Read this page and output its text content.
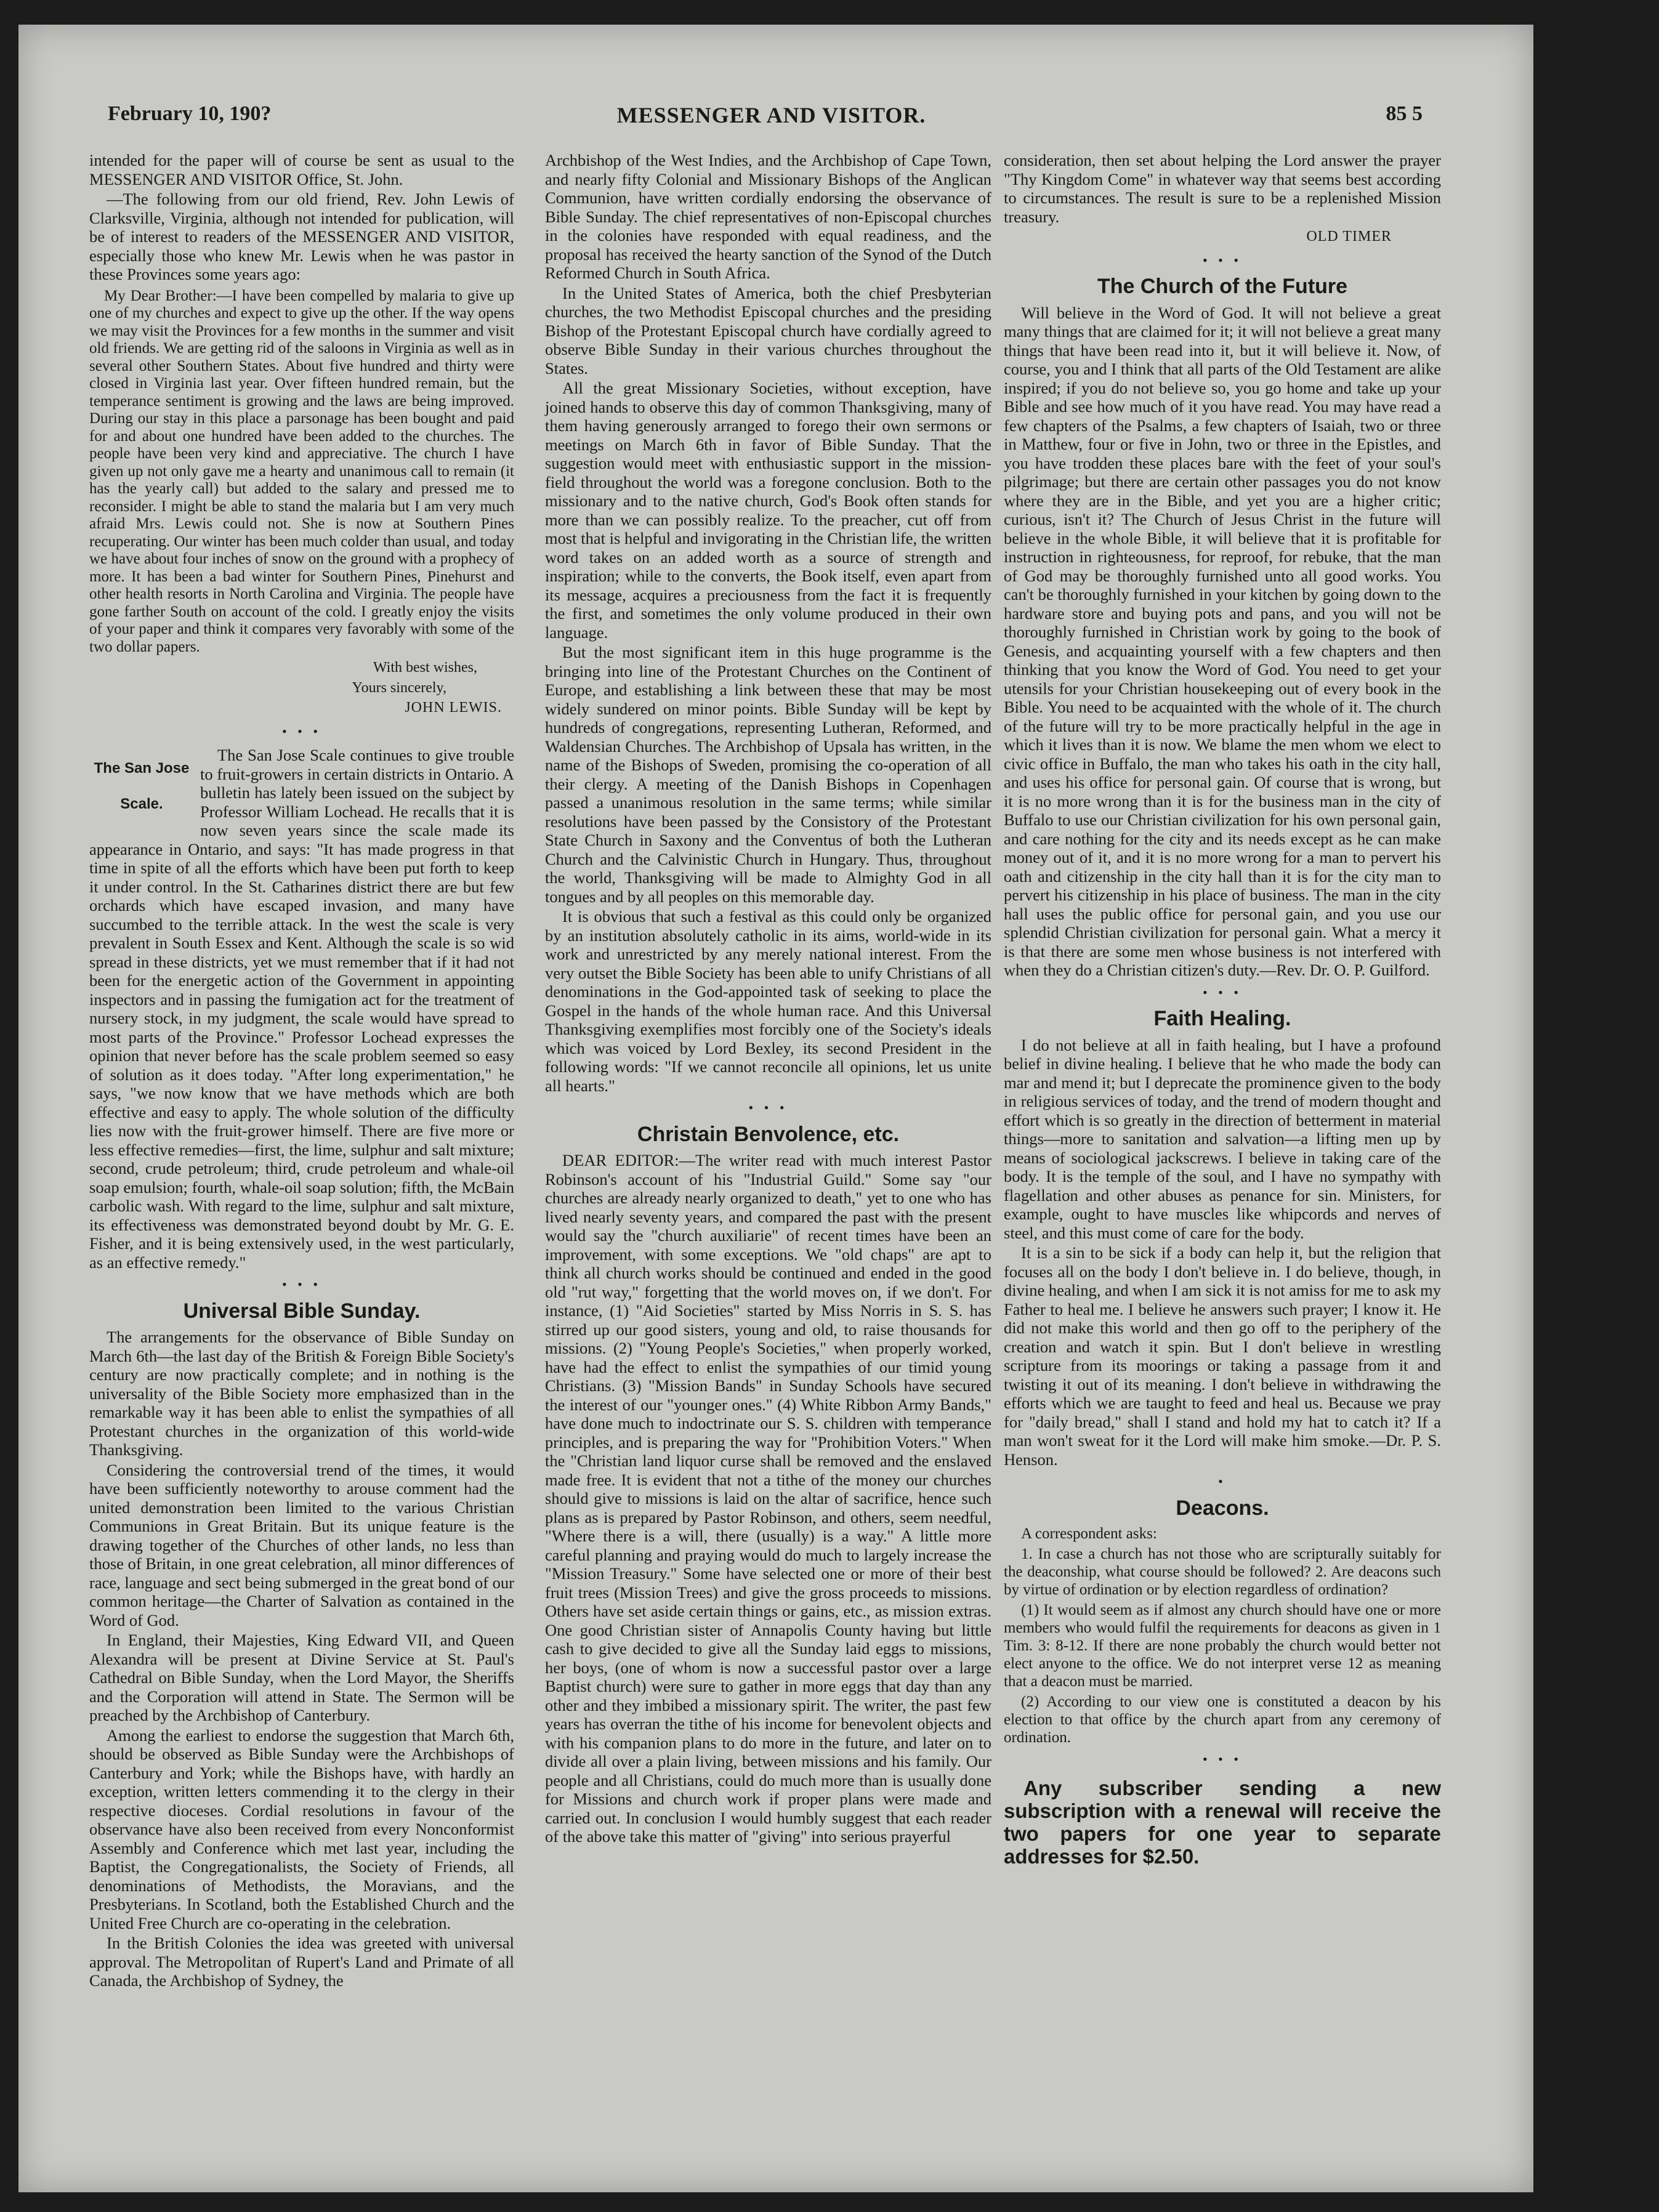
February 10, 190?	MESSENGER AND VISITOR.	85 5

intended for the paper will of course be sent as usual to the MESSENGER AND VISITOR Office, St. John.

—The following from our old friend, Rev. John Lewis of Clarksville, Virginia, although not intended for publication, will be of interest to readers of the MESSENGER AND VISITOR, especially those who knew Mr. Lewis when he was pastor in these Provinces some years ago:

My Dear Brother:—I have been compelled by malaria to give up one of my churches and expect to give up the other. If the way opens we may visit the Provinces for a few months in the summer and visit old friends. We are getting rid of the saloons in Virginia as well as in several other Southern States. About five hundred and thirty were closed in Virginia last year. Over fifteen hundred remain, but the temperance sentiment is growing and the laws are being improved. During our stay in this place a parsonage has been bought and paid for and about one hundred have been added to the churches. The people have been very kind and appreciative. The church I have given up not only gave me a hearty and unanimous call to remain (it has the yearly call) but added to the salary and pressed me to reconsider. I might be able to stand the malaria but I am very much afraid Mrs. Lewis could not. She is now at Southern Pines recuperating. Our winter has been much colder than usual, and today we have about four inches of snow on the ground with a prophecy of more. It has been a bad winter for Southern Pines, Pinehurst and other health resorts in North Carolina and Virginia. The people have gone farther South on account of the cold. I greatly enjoy the visits of your paper and think it compares very favorably with some of the two dollar papers.

With best wishes,
Yours sincerely,
JOHN LEWIS.
• • •
The San Jose
Scale.

The San Jose Scale continues to give trouble to fruit-growers in certain districts in Ontario. A bulletin has lately been issued on the subject by Professor William Lochead. He recalls that it is now seven years since the scale made its appearance in Ontario, and says: "It has made progress in that time in spite of all the efforts which have been put forth to keep it under control. In the St. Catharines district there are but few orchards which have escaped invasion, and many have succumbed to the terrible attack. In the west the scale is very prevalent in South Essex and Kent. Although the scale is so wid spread in these districts, yet we must remember that if it had not been for the energetic action of the Government in appointing inspectors and in passing the fumigation act for the treatment of nursery stock, in my judgment, the scale would have spread to most parts of the Province." Professor Lochead expresses the opinion that never before has the scale problem seemed so easy of solution as it does today. "After long experimentation," he says, "we now know that we have methods which are both effective and easy to apply. The whole solution of the difficulty lies now with the fruit-grower himself. There are five more or less effective remedies—first, the lime, sulphur and salt mixture; second, crude petroleum; third, crude petroleum and whale-oil soap emulsion; fourth, whale-oil soap solution; fifth, the McBain carbolic wash. With regard to the lime, sulphur and salt mixture, its effectiveness was demonstrated beyond doubt by Mr. G. E. Fisher, and it is being extensively used, in the west particularly, as an effective remedy."

• • •
Universal Bible Sunday.

The arrangements for the observance of Bible Sunday on March 6th—the last day of the British & Foreign Bible Society's century are now practically complete; and in nothing is the universality of the Bible Society more emphasized than in the remarkable way it has been able to enlist the sympathies of all Protestant churches in the organization of this world-wide Thanksgiving.

Considering the controversial trend of the times, it would have been sufficiently noteworthy to arouse comment had the united demonstration been limited to the various Christian Communions in Great Britain. But its unique feature is the drawing together of the Churches of other lands, no less than those of Britain, in one great celebration, all minor differences of race, language and sect being submerged in the great bond of our common heritage—the Charter of Salvation as contained in the Word of God.

In England, their Majesties, King Edward VII, and Queen Alexandra will be present at Divine Service at St. Paul's Cathedral on Bible Sunday, when the Lord Mayor, the Sheriffs and the Corporation will attend in State. The Sermon will be preached by the Archbishop of Canterbury.

Among the earliest to endorse the suggestion that March 6th, should be observed as Bible Sunday were the Archbishops of Canterbury and York; while the Bishops have, with hardly an exception, written letters commending it to the clergy in their respective dioceses. Cordial resolutions in favour of the observance have also been received from every Nonconformist Assembly and Conference which met last year, including the Baptist, the Congregationalists, the Society of Friends, all denominations of Methodists, the Moravians, and the Presbyterians. In Scotland, both the Established Church and the United Free Church are co-operating in the celebration.

In the British Colonies the idea was greeted with universal approval. The Metropolitan of Rupert's Land and Primate of all Canada, the Archbishop of Sydney, the

Archbishop of the West Indies, and the Archbishop of Cape Town, and nearly fifty Colonial and Missionary Bishops of the Anglican Communion, have written cordially endorsing the observance of Bible Sunday. The chief representatives of non-Episcopal churches in the colonies have responded with equal readiness, and the proposal has received the hearty sanction of the Synod of the Dutch Reformed Church in South Africa.

In the United States of America, both the chief Presbyterian churches, the two Methodist Episcopal churches and the presiding Bishop of the Protestant Episcopal church have cordially agreed to observe Bible Sunday in their various churches throughout the States.

All the great Missionary Societies, without exception, have joined hands to observe this day of common Thanksgiving, many of them having generously arranged to forego their own sermons or meetings on March 6th in favor of Bible Sunday. That the suggestion would meet with enthusiastic support in the mission-field throughout the world was a foregone conclusion. Both to the missionary and to the native church, God's Book often stands for more than we can possibly realize. To the preacher, cut off from most that is helpful and invigorating in the Christian life, the written word takes on an added worth as a source of strength and inspiration; while to the converts, the Book itself, even apart from its message, acquires a preciousness from the fact it is frequently the first, and sometimes the only volume produced in their own language.

But the most significant item in this huge programme is the bringing into line of the Protestant Churches on the Continent of Europe, and establishing a link between these that may be most widely sundered on minor points. Bible Sunday will be kept by hundreds of congregations, representing Lutheran, Reformed, and Waldensian Churches. The Archbishop of Upsala has written, in the name of the Bishops of Sweden, promising the co-operation of all their clergy. A meeting of the Danish Bishops in Copenhagen passed a unanimous resolution in the same terms; while similar resolutions have been passed by the Consistory of the Protestant State Church in Saxony and the Conventus of both the Lutheran Church and the Calvinistic Church in Hungary. Thus, throughout the world, Thanksgiving will be made to Almighty God in all tongues and by all peoples on this memorable day.

It is obvious that such a festival as this could only be organized by an institution absolutely catholic in its aims, world-wide in its work and unrestricted by any merely national interest. From the very outset the Bible Society has been able to unify Christians of all denominations in the God-appointed task of seeking to place the Gospel in the hands of the whole human race. And this Universal Thanksgiving exemplifies most forcibly one of the Society's ideals which was voiced by Lord Bexley, its second President in the following words: "If we cannot reconcile all opinions, let us unite all hearts."

• • •
Christain Benvolence, etc.

DEAR EDITOR:—The writer read with much interest Pastor Robinson's account of his "Industrial Guild." Some say "our churches are already nearly organized to death," yet to one who has lived nearly seventy years, and compared the past with the present would say the "church auxiliarie" of recent times have been an improvement, with some exceptions. We "old chaps" are apt to think all church works should be continued and ended in the good old "rut way," forgetting that the world moves on, if we don't. For instance, (1) "Aid Societies" started by Miss Norris in S. S. has stirred up our good sisters, young and old, to raise thousands for missions. (2) "Young People's Societies," when properly worked, have had the effect to enlist the sympathies of our timid young Christians. (3) "Mission Bands" in Sunday Schools have secured the interest of our "younger ones." (4) White Ribbon Army Bands," have done much to indoctrinate our S. S. children with temperance principles, and is preparing the way for "Prohibition Voters." When the "Christian land liquor curse shall be removed and the enslaved made free. It is evident that not a tithe of the money our churches should give to missions is laid on the altar of sacrifice, hence such plans as is prepared by Pastor Robinson, and others, seem needful, "Where there is a will, there (usually) is a way." A little more careful planning and praying would do much to largely increase the "Mission Treasury." Some have selected one or more of their best fruit trees (Mission Trees) and give the gross proceeds to missions. Others have set aside certain things or gains, etc., as mission extras. One good Christian sister of Annapolis County having but little cash to give decided to give all the Sunday laid eggs to missions, her boys, (one of whom is now a successful pastor over a large Baptist church) were sure to gather in more eggs that day than any other and they imbibed a missionary spirit. The writer, the past few years has overran the tithe of his income for benevolent objects and with his companion plans to do more in the future, and later on to divide all over a plain living, between missions and his family. Our people and all Christians, could do much more than is usually done for Missions and church work if proper plans were made and carried out. In conclusion I would humbly suggest that each reader of the above take this matter of "giving" into serious prayerful

consideration, then set about helping the Lord answer the prayer "Thy Kingdom Come" in whatever way that seems best according to circumstances. The result is sure to be a replenished Mission treasury.

OLD TIMER
• • •
The Church of the Future

Will believe in the Word of God. It will not believe a great many things that are claimed for it; it will not believe a great many things that have been read into it, but it will believe it. Now, of course, you and I think that all parts of the Old Testament are alike inspired; if you do not believe so, you go home and take up your Bible and see how much of it you have read. You may have read a few chapters of the Psalms, a few chapters of Isaiah, two or three in Matthew, four or five in John, two or three in the Epistles, and you have trodden these places bare with the feet of your soul's pilgrimage; but there are certain other passages you do not know where they are in the Bible, and yet you are a higher critic; curious, isn't it? The Church of Jesus Christ in the future will believe in the whole Bible, it will believe that it is profitable for instruction in righteousness, for reproof, for rebuke, that the man of God may be thoroughly furnished unto all good works. You can't be thoroughly furnished in your kitchen by going down to the hardware store and buying pots and pans, and you will not be thoroughly furnished in Christian work by going to the book of Genesis, and acquainting yourself with a few chapters and then thinking that you know the Word of God. You need to get your utensils for your Christian housekeeping out of every book in the Bible. You need to be acquainted with the whole of it. The church of the future will try to be more practically helpful in the age in which it lives than it is now. We blame the men whom we elect to civic office in Buffalo, the man who takes his oath in the city hall, and uses his office for personal gain. Of course that is wrong, but it is no more wrong than it is for the business man in the city of Buffalo to use our Christian civilization for his own personal gain, and care nothing for the city and its needs except as he can make money out of it, and it is no more wrong for a man to pervert his oath and citizenship in the city hall than it is for the city man to pervert his citizenship in his place of business. The man in the city hall uses the public office for personal gain, and you use our splendid Christian civilization for personal gain. What a mercy it is that there are some men whose business is not interfered with when they do a Christian citizen's duty.—Rev. Dr. O. P. Guilford.

• • •
Faith Healing.

I do not believe at all in faith healing, but I have a profound belief in divine healing. I believe that he who made the body can mar and mend it; but I deprecate the prominence given to the body in religious services of today, and the trend of modern thought and effort which is so greatly in the direction of betterment in material things—more to sanitation and salvation—a lifting men up by means of sociological jackscrews. I believe in taking care of the body. It is the temple of the soul, and I have no sympathy with flagellation and other abuses as penance for sin. Ministers, for example, ought to have muscles like whipcords and nerves of steel, and this must come of care for the body.

It is a sin to be sick if a body can help it, but the religion that focuses all on the body I don't believe in. I do believe, though, in divine healing, and when I am sick it is not amiss for me to ask my Father to heal me. I believe he answers such prayer; I know it. He did not make this world and then go off to the periphery of the creation and watch it spin. But I don't believe in wrestling scripture from its moorings or taking a passage from it and twisting it out of its meaning. I don't believe in withdrawing the efforts which we are taught to feed and heal us. Because we pray for "daily bread," shall I stand and hold my hat to catch it? If a man won't sweat for it the Lord will make him smoke.—Dr. P. S. Henson.

•
Deacons.

A correspondent asks:

1. In case a church has not those who are scripturally suitably for the deaconship, what course should be followed? 2. Are deacons such by virtue of ordination or by election regardless of ordination?

(1) It would seem as if almost any church should have one or more members who would fulfil the requirements for deacons as given in 1 Tim. 3: 8-12. If there are none probably the church would better not elect anyone to the office. We do not interpret verse 12 as meaning that a deacon must be married.

(2) According to our view one is constituted a deacon by his election to that office by the church apart from any ceremony of ordination.

• • •
Any subscriber sending a new subscription with a renewal will receive the two papers for one year to separate addresses for $2.50.
